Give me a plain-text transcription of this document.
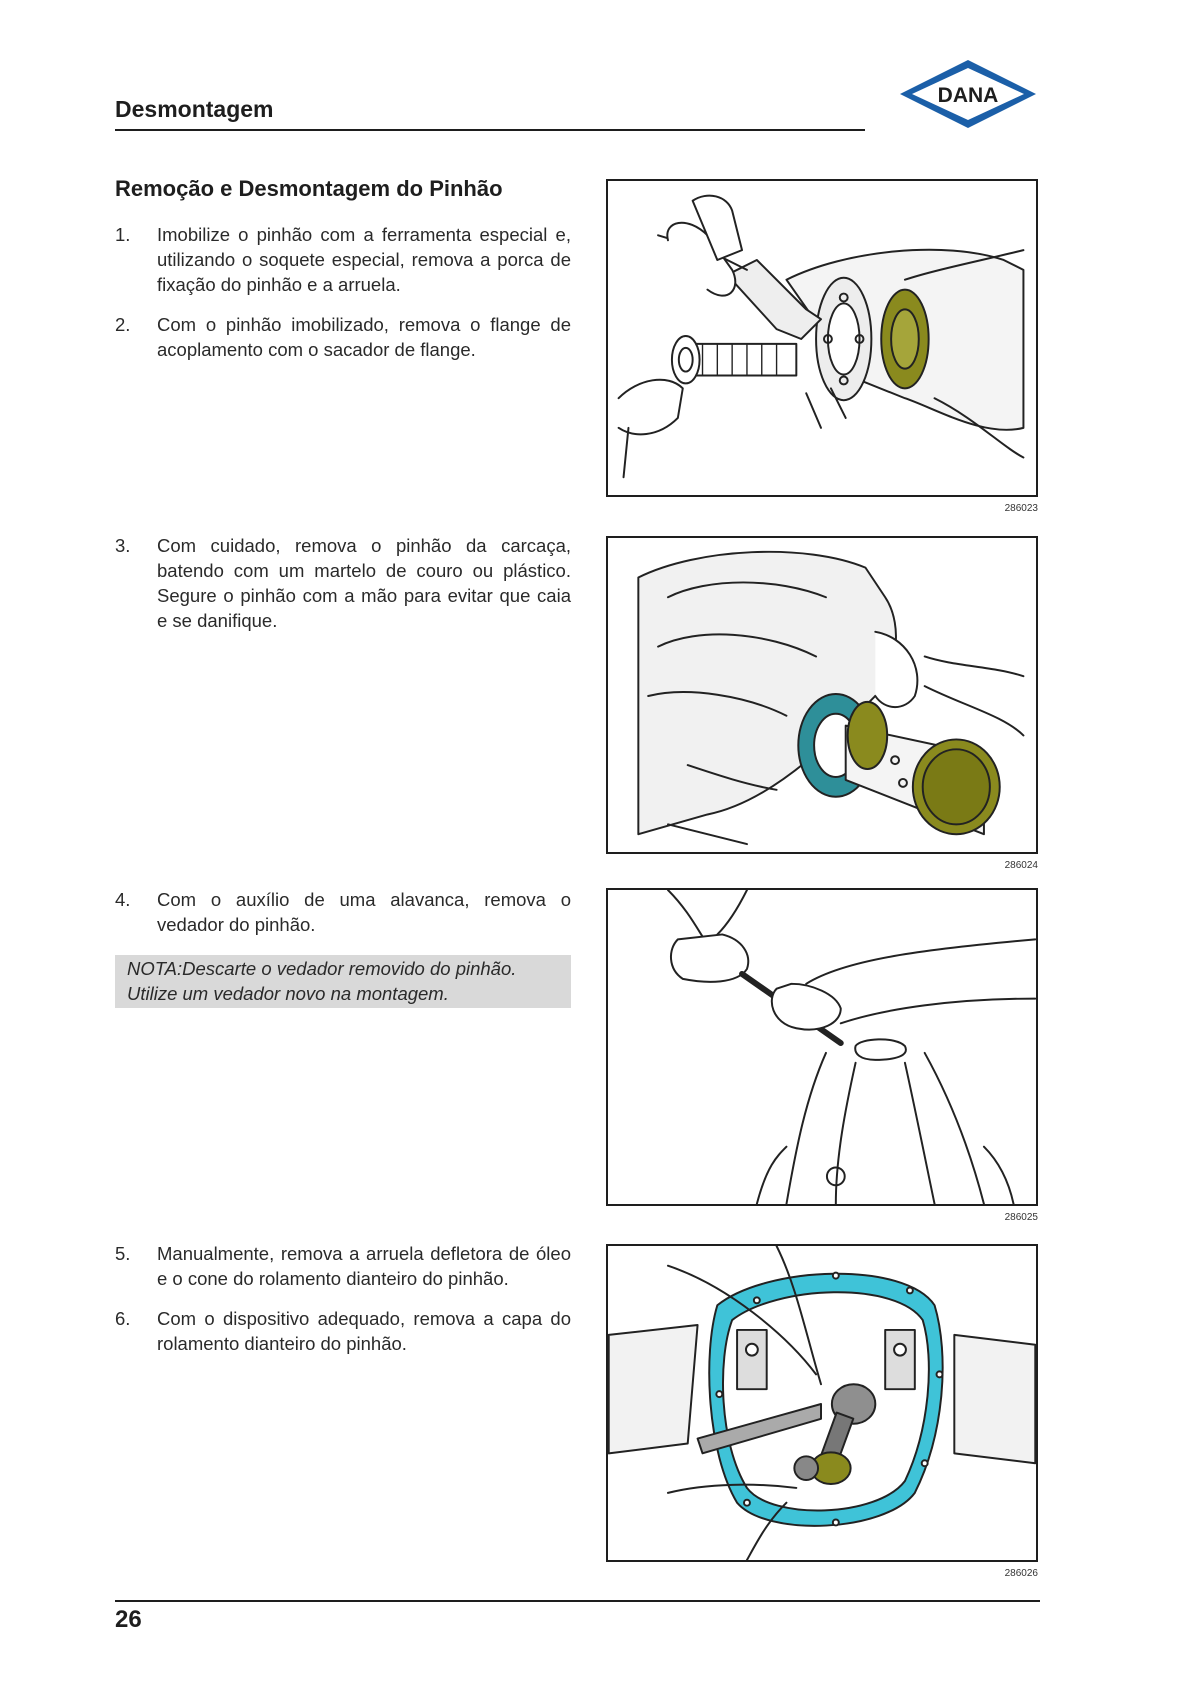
Desmontagem
DANA
Remoção e Desmontagem do Pinhão
1.	Imobilize o pinhão com a ferramenta especial e, utilizando o soquete especial, remova a porca de fixação do pinhão e a arruela.
2.	Com o pinhão imobilizado, remova o flange de acoplamento com o sacador de flange.
3.	Com cuidado, remova o pinhão da carcaça, batendo com um martelo de couro ou plástico. Segure o pinhão com a mão para evitar que caia e se danifique.
4.	Com o auxílio de uma alavanca, remova o vedador do pinhão.
NOTA:Descarte o vedador removido do pinhão. Utilize um vedador novo na montagem.
5.	Manualmente, remova a arruela defletora de óleo e o cone do rolamento dianteiro do pinhão.
6.	Com o dispositivo adequado, remova a capa do rolamento dianteiro do pinhão.
286023
286024
286025
286026
26
